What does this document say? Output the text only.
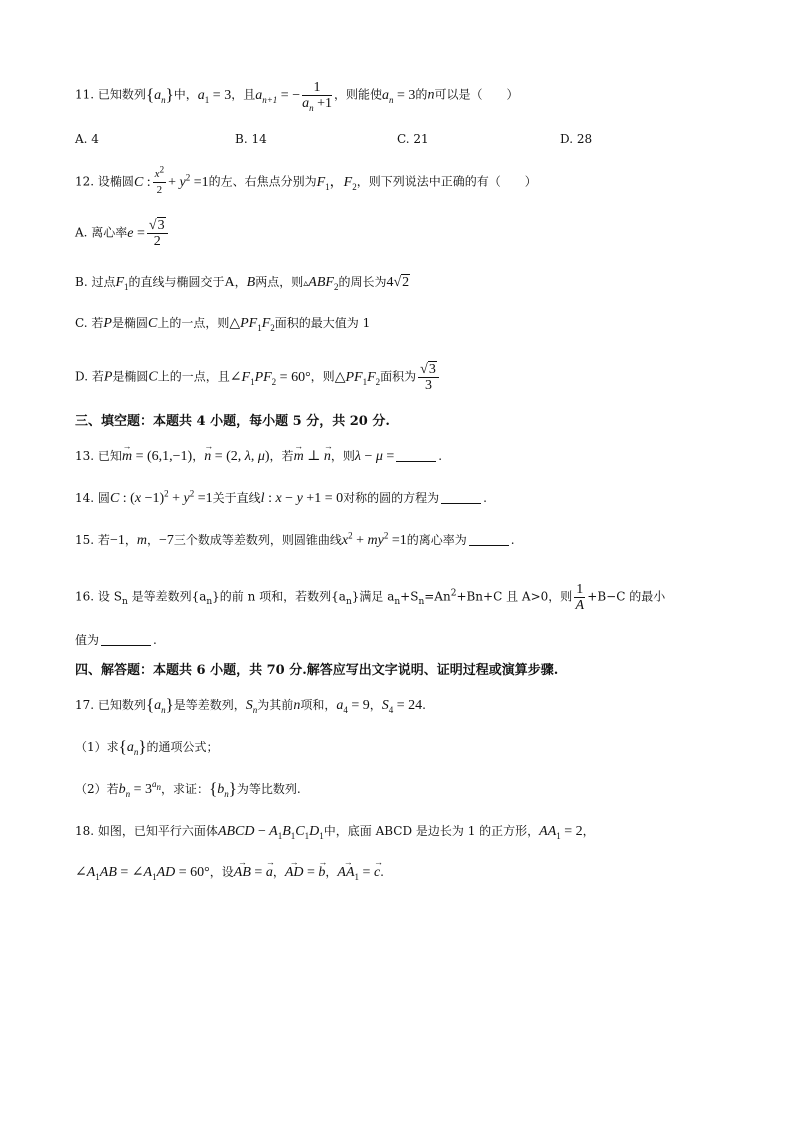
11. 已知数列$\{a_n\}$中，$a_1 = 3$，且$a_{n+1}$ = − $\frac{1}{a_n +1}$ ，则能使$a_n = 3$的n可以是（　　）
A. 4	B. 14	C. 21	D. 28
12. 设椭圆C : $\frac{x^2}{2} + y^2 =1$的左、右焦点分别为$F_1$，$F_2$，则下列说法中正确的有（　　）
A. 离心率$e = \frac{√3}{2}$
B. 过点$F_1$的直线与椭圆交于A，B两点，则$▵ABF_2$的周长为4√2
C. 若P是椭圆C上的一点，则$\triangle PF_1F_2$面积的最大值为 1
D. 若P是椭圆C上的一点，且$\angle F_1PF_2 = 60^\circ$，则$\triangle PF_1F_2$面积为 $\frac{√3}{3}$
三、填空题：本题共 4 小题，每小题 5 分，共 20 分.
13. 已知→ m = (6,1,−1)，→ n = (2, λ, μ)，若→ m ⊥ → n，则λ − μ =	.
14. 圆C : $(x -1)^2 + y^2 =1$关于直线l : x − y +1 = 0对称的圆的方程为	.
15. 若−1，m，−7三个数成等差数列，则圆锥曲线$x^2 + my^2 =1$的离心率为	.
16. 设 $S_n$ 是等差数列$\{a_n\}$的前 n 项和，若数列$\{a_n\}$满足 $a_n+S_n=An^2+Bn+C$ 且 A>0，则 $\frac{1}{A} +B-C$ 的最小
值为	.
四、解答题：本题共 6 小题，共 70 分.解答应写出文字说明、证明过程或演算步骤.
17. 已知数列$\{a_n\}$是等差数列，$S_n$为其前n项和，$a_4 = 9$，$S_4 = 24$.
（1）求$\{a_n\}$的通项公式；
（2）若$b_n = 3^{a_n}$，求证：$\{b_n\}$为等比数列.
18. 如图，已知平行六面体ABCD − $A_1B_1C_1D_1$中，底面 ABCD 是边长为 1 的正方形，$AA_1 = 2$，
$\angle A_1AB$ = $\angle A_1AD = 60^\circ$，设→ AB = → a，→ AD = → b，→ $AA_1$ = → c.
